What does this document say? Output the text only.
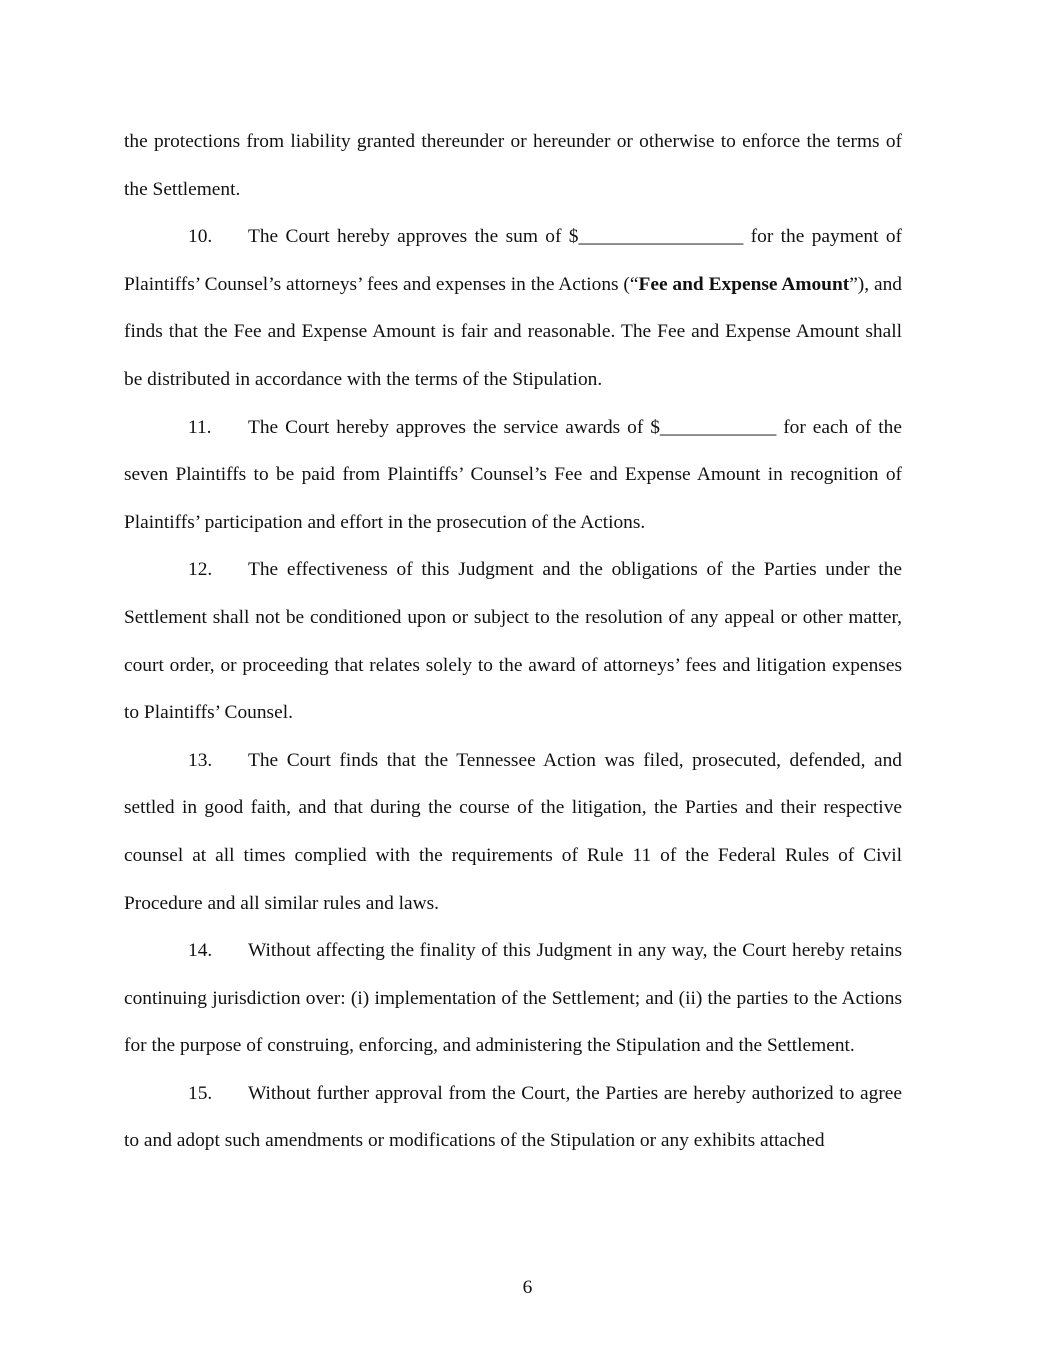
the protections from liability granted thereunder or hereunder or otherwise to enforce the terms of the Settlement.

10. The Court hereby approves the sum of $_________________ for the payment of Plaintiffs’ Counsel’s attorneys’ fees and expenses in the Actions (“Fee and Expense Amount”), and finds that the Fee and Expense Amount is fair and reasonable. The Fee and Expense Amount shall be distributed in accordance with the terms of the Stipulation.

11. The Court hereby approves the service awards of $____________ for each of the seven Plaintiffs to be paid from Plaintiffs’ Counsel’s Fee and Expense Amount in recognition of Plaintiffs’ participation and effort in the prosecution of the Actions.

12. The effectiveness of this Judgment and the obligations of the Parties under the Settlement shall not be conditioned upon or subject to the resolution of any appeal or other matter, court order, or proceeding that relates solely to the award of attorneys’ fees and litigation expenses to Plaintiffs’ Counsel.

13. The Court finds that the Tennessee Action was filed, prosecuted, defended, and settled in good faith, and that during the course of the litigation, the Parties and their respective counsel at all times complied with the requirements of Rule 11 of the Federal Rules of Civil Procedure and all similar rules and laws.

14. Without affecting the finality of this Judgment in any way, the Court hereby retains continuing jurisdiction over: (i) implementation of the Settlement; and (ii) the parties to the Actions for the purpose of construing, enforcing, and administering the Stipulation and the Settlement.

15. Without further approval from the Court, the Parties are hereby authorized to agree to and adopt such amendments or modifications of the Stipulation or any exhibits attached

6
